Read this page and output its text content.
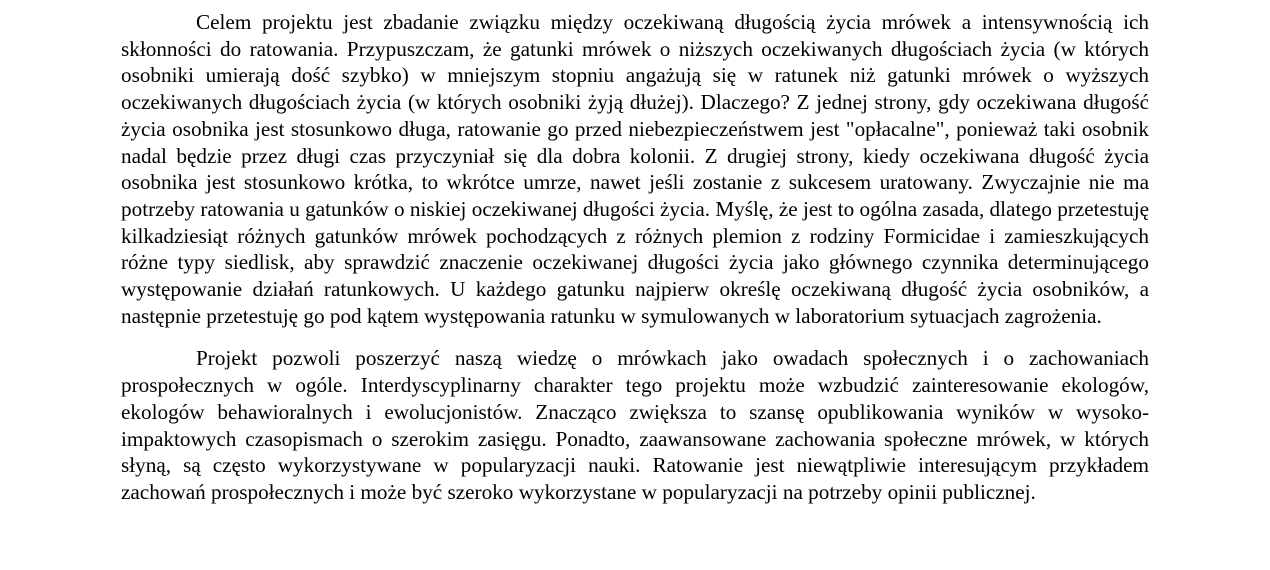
Celem projektu jest zbadanie związku między oczekiwaną długością życia mrówek a intensywnością ich skłonności do ratowania. Przypuszczam, że gatunki mrówek o niższych oczekiwanych długościach życia (w których osobniki umierają dość szybko) w mniejszym stopniu angażują się w ratunek niż gatunki mrówek o wyższych oczekiwanych długościach życia (w których osobniki żyją dłużej). Dlaczego? Z jednej strony, gdy oczekiwana długość życia osobnika jest stosunkowo długa, ratowanie go przed niebezpieczeństwem jest "opłacalne", ponieważ taki osobnik nadal będzie przez długi czas przyczyniał się dla dobra kolonii. Z drugiej strony, kiedy oczekiwana długość życia osobnika jest stosunkowo krótka, to wkrótce umrze, nawet jeśli zostanie z sukcesem uratowany. Zwyczajnie nie ma potrzeby ratowania u gatunków o niskiej oczekiwanej długości życia. Myślę, że jest to ogólna zasada, dlatego przetestuję kilkadziesiąt różnych gatunków mrówek pochodzących z różnych plemion z rodziny Formicidae i zamieszkujących różne typy siedlisk, aby sprawdzić znaczenie oczekiwanej długości życia jako głównego czynnika determinującego występowanie działań ratunkowych. U każdego gatunku najpierw określę oczekiwaną długość życia osobników, a następnie przetestuję go pod kątem występowania ratunku w symulowanych w laboratorium sytuacjach zagrożenia.

Projekt pozwoli poszerzyć naszą wiedzę o mrówkach jako owadach społecznych i o zachowaniach prospołecznych w ogóle. Interdyscyplinarny charakter tego projektu może wzbudzić zainteresowanie ekologów, ekologów behawioralnych i ewolucjonistów. Znacząco zwiększa to szansę opublikowania wyników w wysoko-impaktowych czasopismach o szerokim zasięgu. Ponadto, zaawansowane zachowania społeczne mrówek, w których słyną, są często wykorzystywane w popularyzacji nauki. Ratowanie jest niewątpliwie interesującym przykładem zachowań prospołecznych i może być szeroko wykorzystane w popularyzacji na potrzeby opinii publicznej.
